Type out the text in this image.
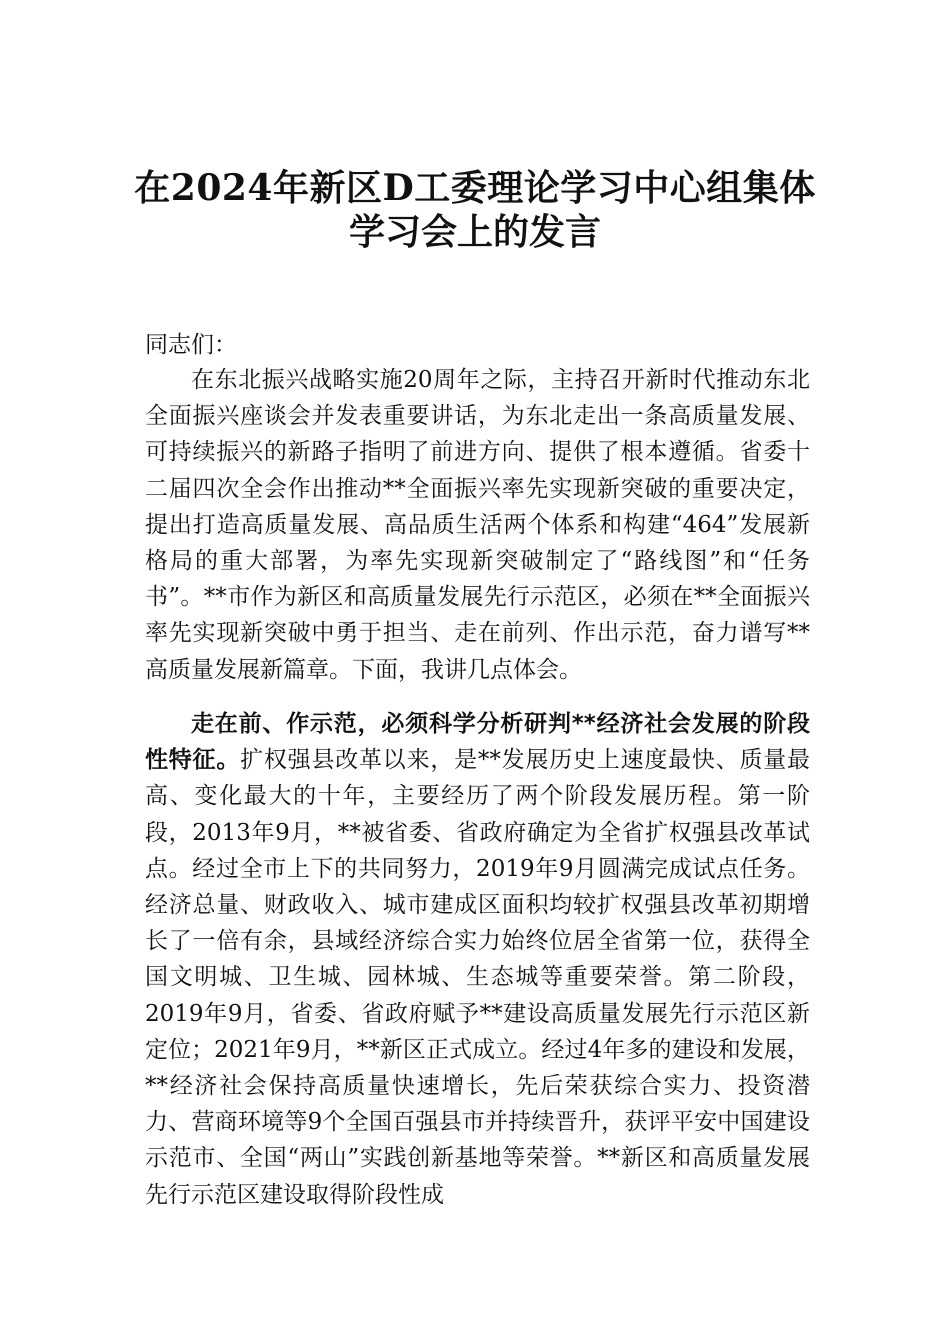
在2024年新区D工委理论学习中心组集体
学习会上的发言
同志们：
在东北振兴战略实施20周年之际，主持召开新时代推动东北全面振兴座谈会并发表重要讲话，为东北走出一条高质量发展、可持续振兴的新路子指明了前进方向、提供了根本遵循。省委十二届四次全会作出推动**全面振兴率先实现新突破的重要决定，提出打造高质量发展、高品质生活两个体系和构建“464”发展新格局的重大部署，为率先实现新突破制定了“路线图”和“任务书”。**市作为新区和高质量发展先行示范区，必须在**全面振兴率先实现新突破中勇于担当、走在前列、作出示范，奋力谱写**高质量发展新篇章。下面，我讲几点体会。
走在前、作示范，必须科学分析研判**经济社会发展的阶段性特征。扩权强县改革以来，是**发展历史上速度最快、质量最高、变化最大的十年，主要经历了两个阶段发展历程。第一阶段，2013年9月，**被省委、省政府确定为全省扩权强县改革试点。经过全市上下的共同努力，2019年9月圆满完成试点任务。经济总量、财政收入、城市建成区面积均较扩权强县改革初期增长了一倍有余，县域经济综合实力始终位居全省第一位，获得全国文明城、卫生城、园林城、生态城等重要荣誉。第二阶段，2019年9月，省委、省政府赋予**建设高质量发展先行示范区新定位；2021年9月，**新区正式成立。经过4年多的建设和发展，**经济社会保持高质量快速增长，先后荣获综合实力、投资潜力、营商环境等9个全国百强县市并持续晋升，获评平安中国建设示范市、全国“两山”实践创新基地等荣誉。**新区和高质量发展先行示范区建设取得阶段性成
